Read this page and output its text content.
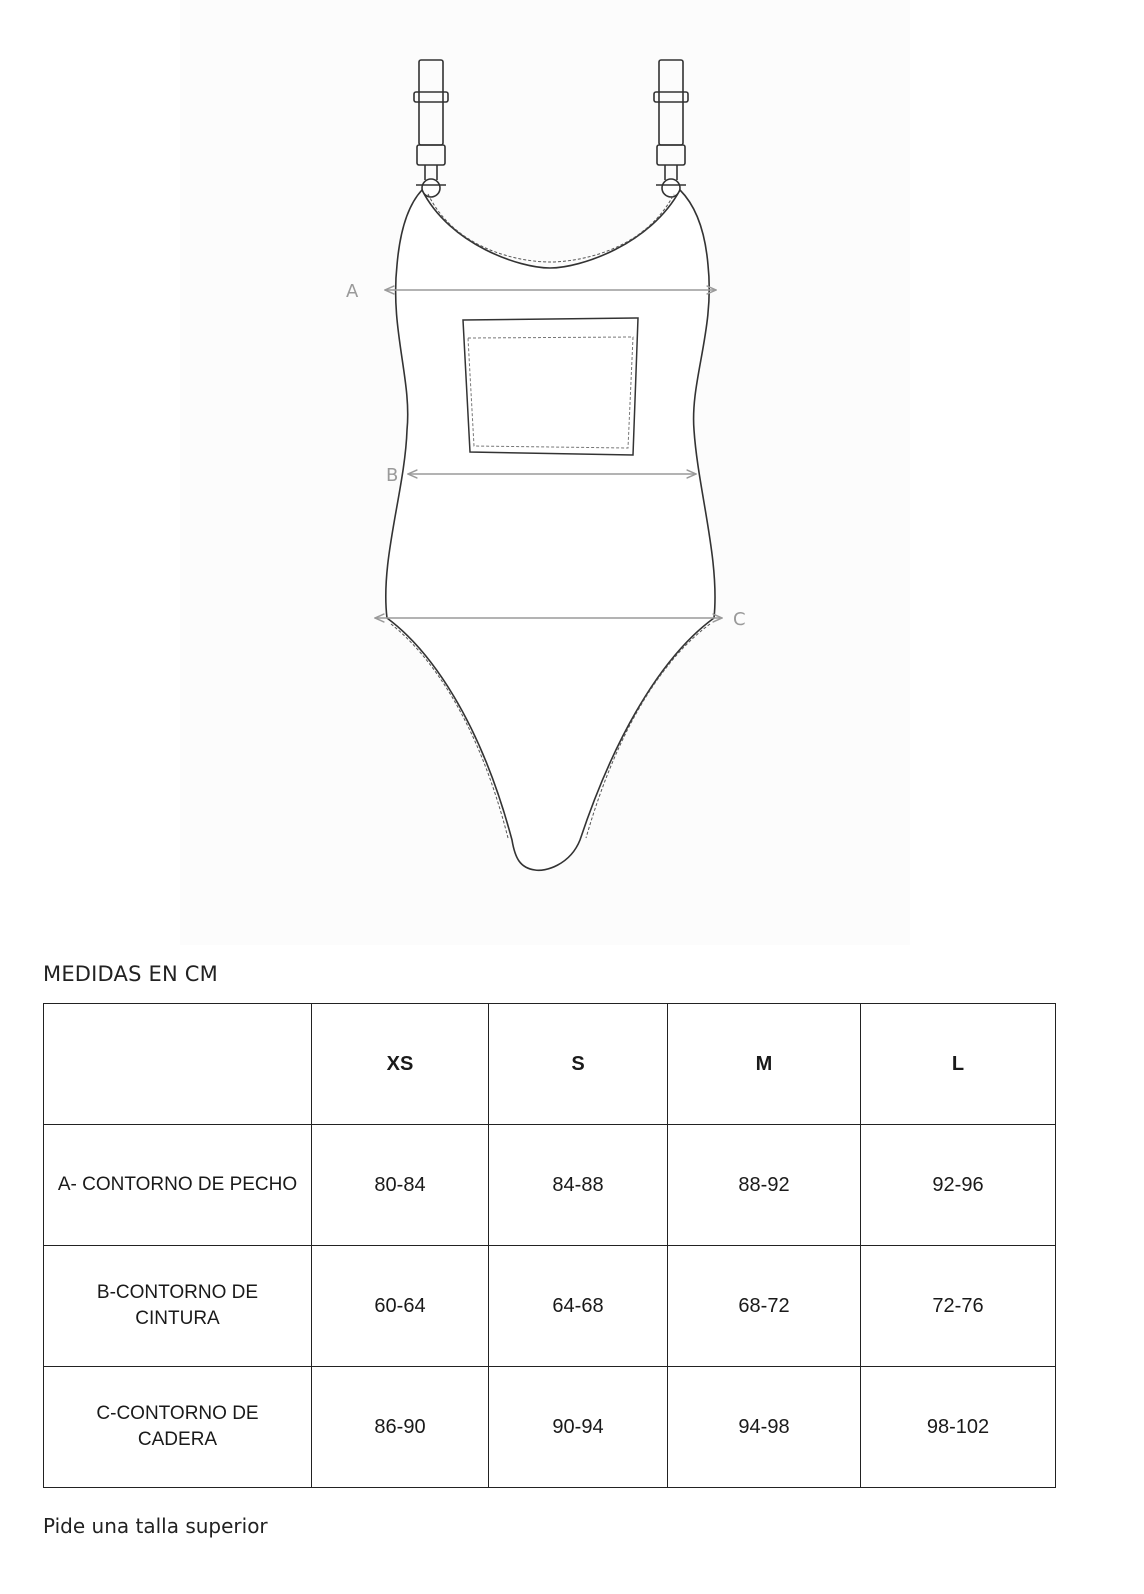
A
B
C
MEDIDAS EN CM
	XS	S	M	L
A- CONTORNO DE PECHO	80-84	84-88	88-92	92-96
B-CONTORNO DE CINTURA	60-64	64-68	68-72	72-76
C-CONTORNO DE CADERA	86-90	90-94	94-98	98-102
Pide una talla superior
